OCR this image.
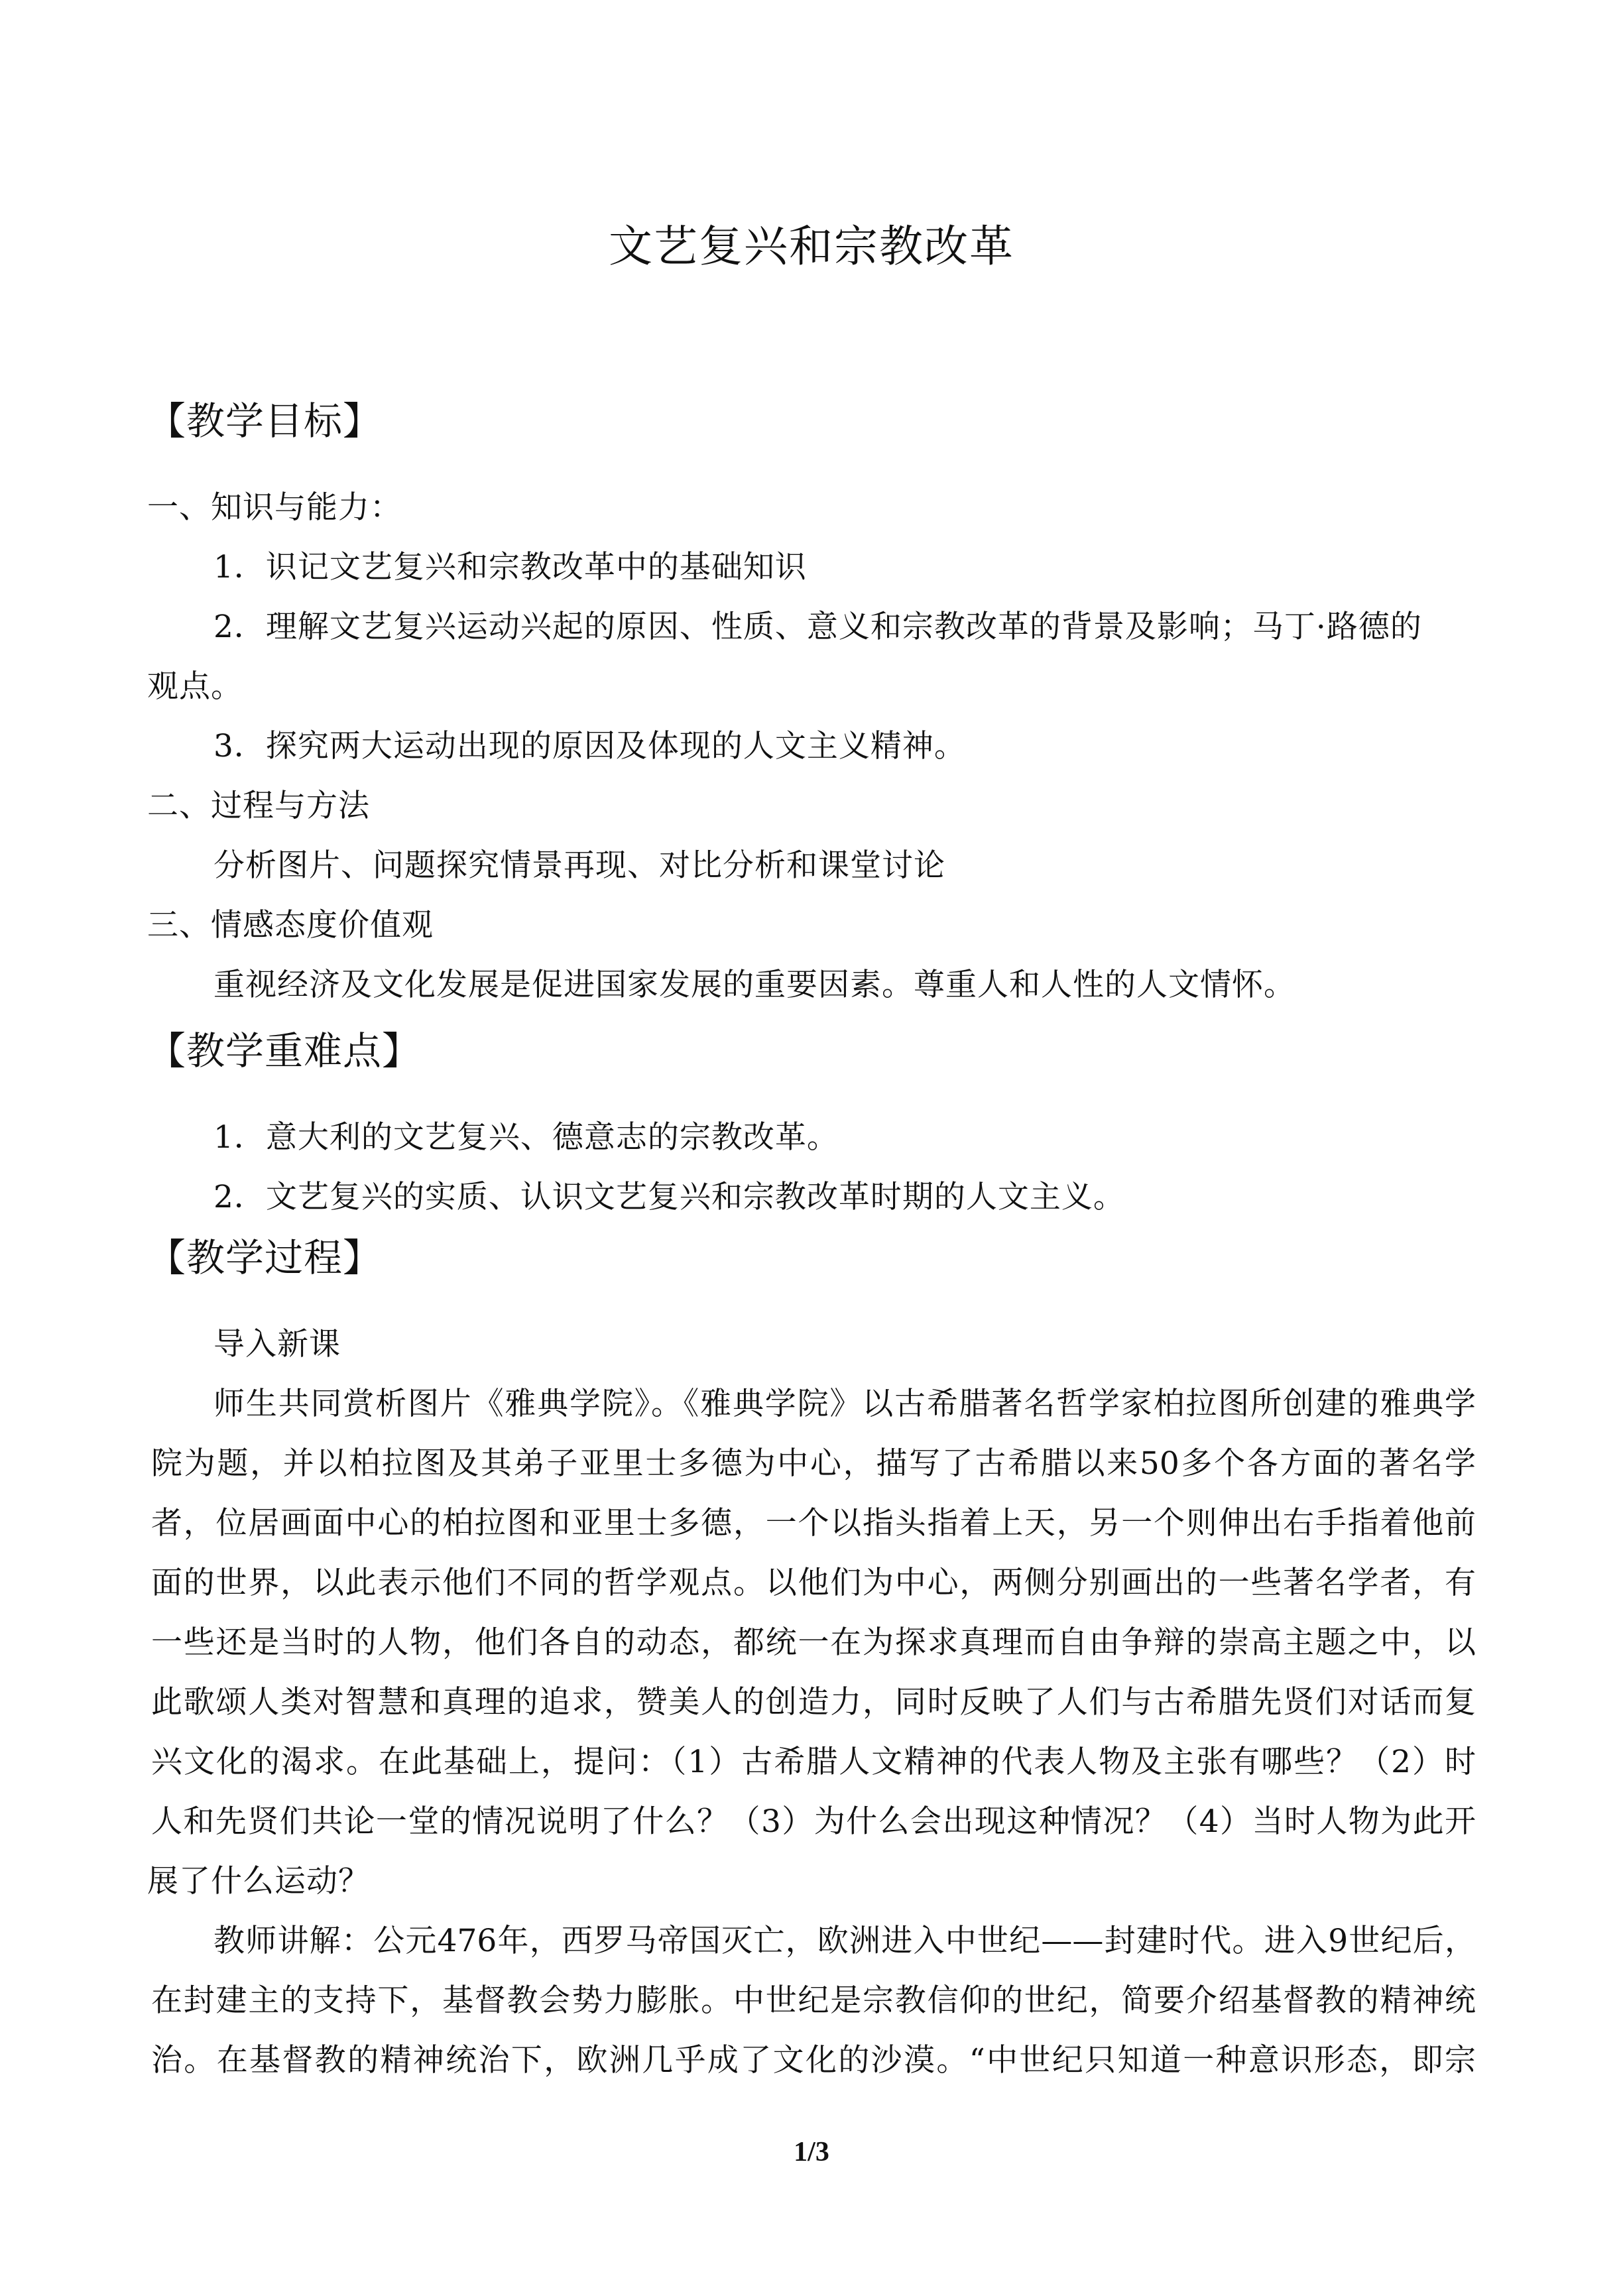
文艺复兴和宗教改革
【教学目标】
一、知识与能力：
1．识记文艺复兴和宗教改革中的基础知识
2．理解文艺复兴运动兴起的原因、性质、意义和宗教改革的背景及影响；马丁·路德的
观点。
3．探究两大运动出现的原因及体现的人文主义精神。
二、过程与方法
分析图片、问题探究情景再现、对比分析和课堂讨论
三、情感态度价值观
重视经济及文化发展是促进国家发展的重要因素。尊重人和人性的人文情怀。
【教学重难点】
1．意大利的文艺复兴、德意志的宗教改革。
2．文艺复兴的实质、认识文艺复兴和宗教改革时期的人文主义。
【教学过程】
导入新课
师生共同赏析图片《雅典学院》。《雅典学院》以古希腊著名哲学家柏拉图所创建的雅典学
院为题，并以柏拉图及其弟子亚里士多德为中心，描写了古希腊以来50多个各方面的著名学
者，位居画面中心的柏拉图和亚里士多德，一个以指头指着上天，另一个则伸出右手指着他前
面的世界，以此表示他们不同的哲学观点。以他们为中心，两侧分别画出的一些著名学者，有
一些还是当时的人物，他们各自的动态，都统一在为探求真理而自由争辩的崇高主题之中，以
此歌颂人类对智慧和真理的追求，赞美人的创造力，同时反映了人们与古希腊先贤们对话而复
兴文化的渴求。在此基础上，提问：（1）古希腊人文精神的代表人物及主张有哪些？（2）时
人和先贤们共论一堂的情况说明了什么？（3）为什么会出现这种情况？（4）当时人物为此开
展了什么运动？
教师讲解：公元476年，西罗马帝国灭亡，欧洲进入中世纪——封建时代。进入9世纪后，
在封建主的支持下，基督教会势力膨胀。中世纪是宗教信仰的世纪，简要介绍基督教的精神统
治。在基督教的精神统治下，欧洲几乎成了文化的沙漠。“中世纪只知道一种意识形态，即宗
1/3
